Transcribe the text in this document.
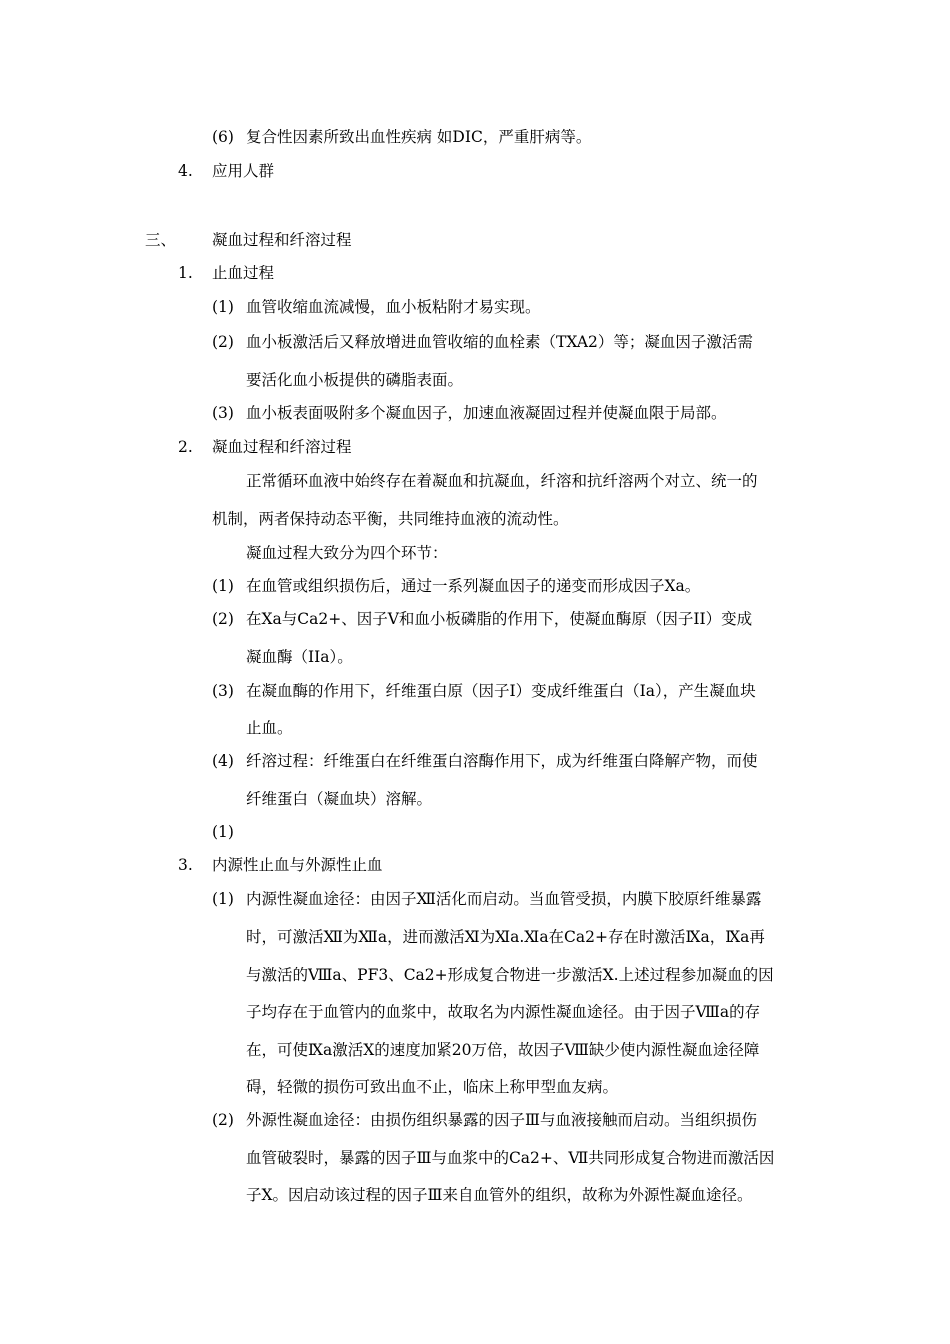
(6) 复合性因素所致出血性疾病 如DIC，严重肝病等。
4. 应用人群
三、 凝血过程和纤溶过程
1. 止血过程
(1) 血管收缩血流减慢，血小板粘附才易实现。
(2) 血小板激活后又释放增进血管收缩的血栓素（TXA2）等；凝血因子激活需
要活化血小板提供的磷脂表面。
(3) 血小板表面吸附多个凝血因子，加速血液凝固过程并使凝血限于局部。
2. 凝血过程和纤溶过程
正常循环血液中始终存在着凝血和抗凝血，纤溶和抗纤溶两个对立、统一的
机制，两者保持动态平衡，共同维持血液的流动性。
凝血过程大致分为四个环节：
(1) 在血管或组织损伤后，通过一系列凝血因子的递变而形成因子Xa。
(2) 在Xa与Ca2+、因子V和血小板磷脂的作用下，使凝血酶原（因子II）变成
凝血酶（IIa）。
(3) 在凝血酶的作用下，纤维蛋白原（因子I）变成纤维蛋白（Ia），产生凝血块
止血。
(4) 纤溶过程：纤维蛋白在纤维蛋白溶酶作用下，成为纤维蛋白降解产物，而使
纤维蛋白（凝血块）溶解。
(1)
3. 内源性止血与外源性止血
(1) 内源性凝血途径：由因子Ⅻ活化而启动。当血管受损，内膜下胶原纤维暴露
时，可激活Ⅻ为Ⅻa，进而激活Ⅺ为Ⅺa.Ⅺa在Ca2+存在时激活Ⅸa，Ⅸa再
与激活的Ⅷa、PF3、Ca2+形成复合物进一步激活X.上述过程参加凝血的因
子均存在于血管内的血浆中，故取名为内源性凝血途径。由于因子Ⅷa的存
在，可使Ⅸa激活Ⅹ的速度加紧20万倍，故因子Ⅷ缺少使内源性凝血途径障
碍，轻微的损伤可致出血不止，临床上称甲型血友病。
(2) 外源性凝血途径：由损伤组织暴露的因子Ⅲ与血液接触而启动。当组织损伤
血管破裂时，暴露的因子Ⅲ与血浆中的Ca2+、Ⅶ共同形成复合物进而激活因
子Ⅹ。因启动该过程的因子Ⅲ来自血管外的组织，故称为外源性凝血途径。
